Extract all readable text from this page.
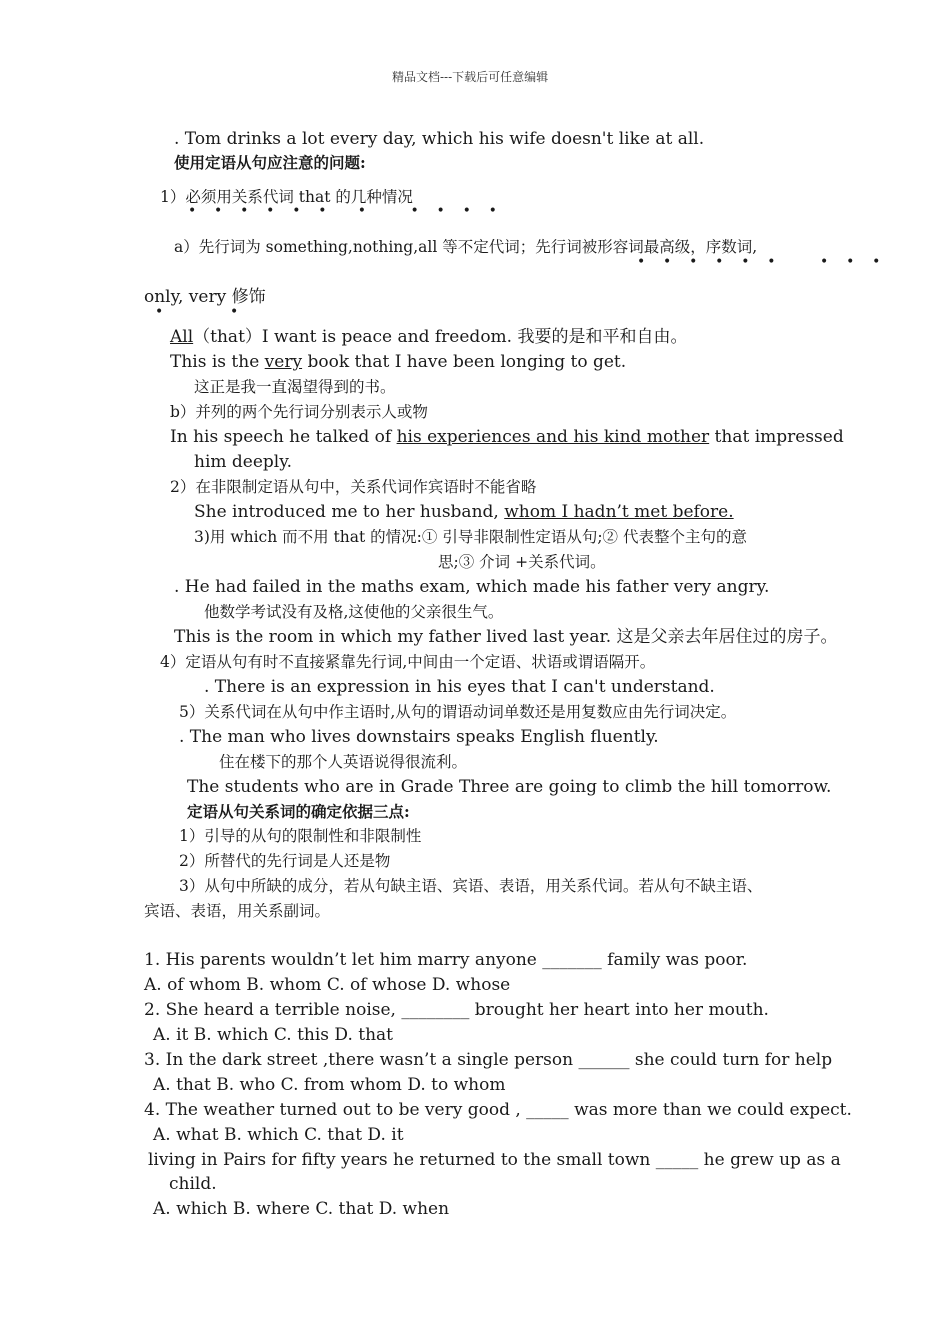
精品文档---下载后可任意编辑
. Tom drinks a lot every day, which his wife doesn't like at all.
使用定语从句应注意的问题:
1）必须用关系代词 that 的几种情况
•    •    •    •    •    •       •          •    •    •    •
a）先行词为 something,nothing,all 等不定代词；先行词被形容词最高级，序数词,
•    •    •    •    •    •          •    •    •
only, very 修饰
•               •
All（that）I want is peace and freedom. 我要的是和平和自由。
This is the very book that I have been longing to get.
这正是我一直渴望得到的书。
b）并列的两个先行词分别表示人或物
In his speech he talked of his experiences and his kind mother that impressed
him deeply.
2）在非限制定语从句中，关系代词作宾语时不能省略
She introduced me to her husband, whom I hadn’t met before.
3)用 which 而不用 that 的情况:① 引导非限制性定语从句;② 代表整个主句的意
思;③ 介词 +关系代词。
. He had failed in the maths exam, which made his father very angry.
他数学考试没有及格,这使他的父亲很生气。
This is the room in which my father lived last year. 这是父亲去年居住过的房子。
4）定语从句有时不直接紧靠先行词,中间由一个定语、状语或谓语隔开。
. There is an expression in his eyes that I can't understand.
5）关系代词在从句中作主语时,从句的谓语动词单数还是用复数应由先行词决定。
. The man who lives downstairs speaks English fluently.
住在楼下的那个人英语说得很流利。
The students who are in Grade Three are going to climb the hill tomorrow.
定语从句关系词的确定依据三点:
1）引导的从句的限制性和非限制性
2）所替代的先行词是人还是物
3）从句中所缺的成分，若从句缺主语、宾语、表语，用关系代词。若从句不缺主语、
宾语、表语，用关系副词。
1. His parents wouldn’t let him marry anyone _______ family was poor.
A. of whom B. whom C. of whose D. whose
2. She heard a terrible noise, ________ brought her heart into her mouth.
A. it B. which C. this D. that
3. In the dark street ,there wasn’t a single person ______ she could turn for help
A. that B. who C. from whom D. to whom
4. The weather turned out to be very good , _____ was more than we could expect.
A. what B. which C. that D. it
living in Pairs for fifty years he returned to the small town _____ he grew up as a
child.
A. which B. where C. that D. when
